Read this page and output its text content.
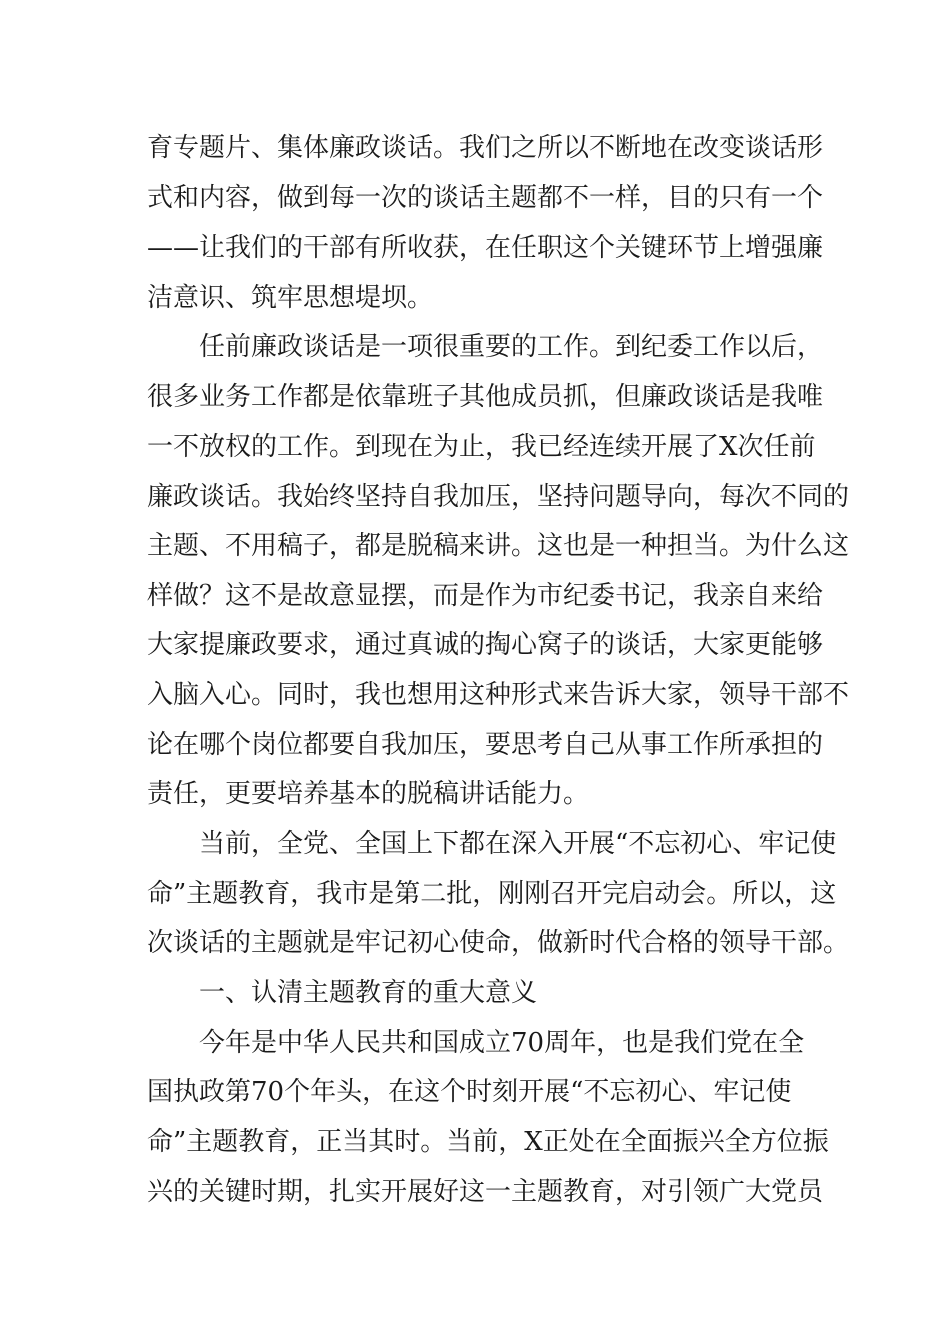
育专题片、集体廉政谈话。我们之所以不断地在改变谈话形
式和内容，做到每一次的谈话主题都不一样，目的只有一个
——让我们的干部有所收获，在任职这个关键环节上增强廉
洁意识、筑牢思想堤坝。
任前廉政谈话是一项很重要的工作。到纪委工作以后，
很多业务工作都是依靠班子其他成员抓，但廉政谈话是我唯
一不放权的工作。到现在为止，我已经连续开展了X次任前
廉政谈话。我始终坚持自我加压，坚持问题导向，每次不同的
主题、不用稿子，都是脱稿来讲。这也是一种担当。为什么这
样做？这不是故意显摆，而是作为市纪委书记，我亲自来给
大家提廉政要求，通过真诚的掏心窝子的谈话，大家更能够
入脑入心。同时，我也想用这种形式来告诉大家，领导干部不
论在哪个岗位都要自我加压，要思考自己从事工作所承担的
责任，更要培养基本的脱稿讲话能力。
当前，全党、全国上下都在深入开展“不忘初心、牢记使
命”主题教育，我市是第二批，刚刚召开完启动会。所以，这
次谈话的主题就是牢记初心使命，做新时代合格的领导干部。
一、认清主题教育的重大意义
今年是中华人民共和国成立70周年，也是我们党在全
国执政第70个年头，在这个时刻开展“不忘初心、牢记使
命”主题教育，正当其时。当前，X正处在全面振兴全方位振
兴的关键时期，扎实开展好这一主题教育，对引领广大党员
